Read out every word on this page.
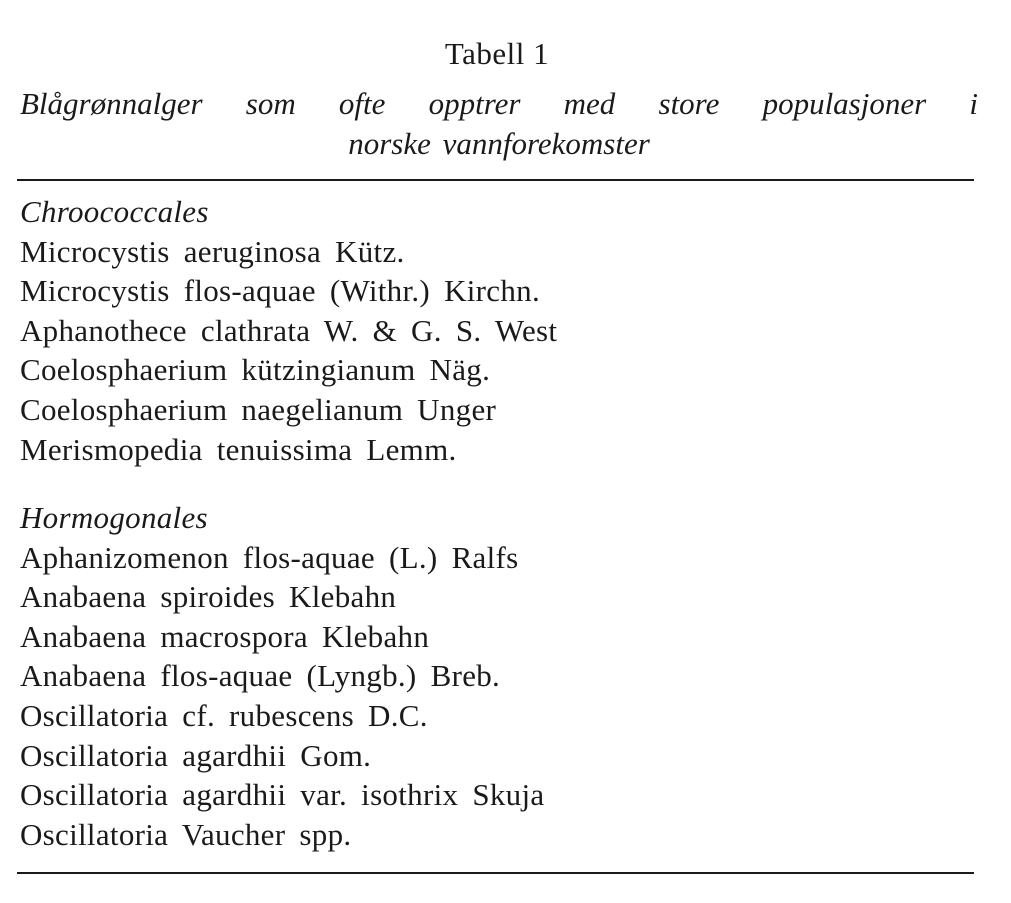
Tabell 1
Blågrønnalger som ofte opptrer med store populasjoner i
norske vannforekomster
Chroococcales
Microcystis aeruginosa Kütz.
Microcystis flos-aquae (Withr.) Kirchn.
Aphanothece clathrata W. & G. S. West
Coelosphaerium kützingianum Näg.
Coelosphaerium naegelianum Unger
Merismopedia tenuissima Lemm.
Hormogonales
Aphanizomenon flos-aquae (L.) Ralfs
Anabaena spiroides Klebahn
Anabaena macrospora Klebahn
Anabaena flos-aquae (Lyngb.) Breb.
Oscillatoria cf. rubescens D.C.
Oscillatoria agardhii Gom.
Oscillatoria agardhii var. isothrix Skuja
Oscillatoria Vaucher spp.
